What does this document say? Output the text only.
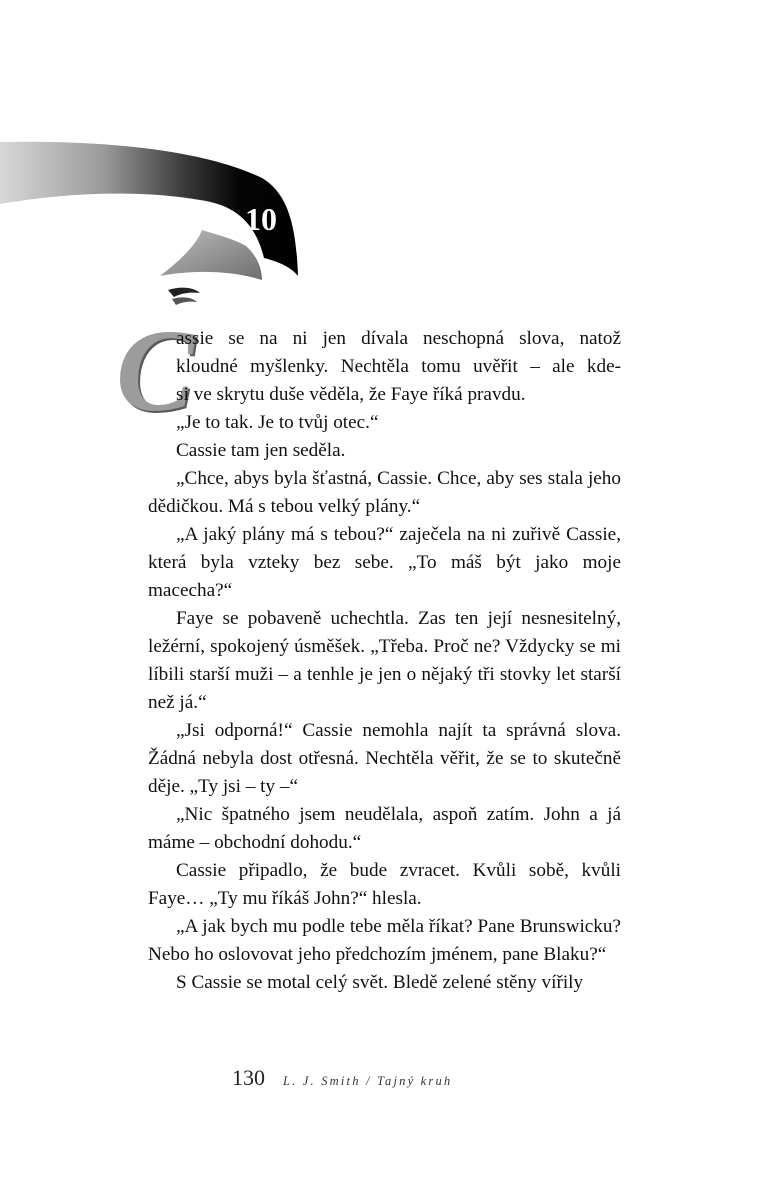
10
C

assie se na ni jen dívala neschopná slova, natož
kloudné myšlenky. Nechtěla tomu uvěřit – ale kde-
si ve skrytu duše věděla, že Faye říká pravdu.

„Je to tak. Je to tvůj otec.“

Cassie tam jen seděla.

„Chce, abys byla šťastná, Cassie. Chce, aby ses stala jeho dědičkou. Má s tebou velký plány.“

„A jaký plány má s tebou?“ zaječela na ni zuřivě Cassie, která byla vzteky bez sebe. „To máš být jako moje macecha?“

Faye se pobaveně uchechtla. Zas ten její nesnesitelný, ležérní, spokojený úsměšek. „Třeba. Proč ne? Vždycky se mi líbili starší muži – a tenhle je jen o nějaký tři stovky let starší než já.“

„Jsi odporná!“ Cassie nemohla najít ta správná slova. Žádná nebyla dost otřesná. Nechtěla věřit, že se to skutečně děje. „Ty jsi – ty –“

„Nic špatného jsem neudělala, aspoň zatím. John a já máme – obchodní dohodu.“

Cassie připadlo, že bude zvracet. Kvůli sobě, kvůli Faye… „Ty mu říkáš John?“ hlesla.

„A jak bych mu podle tebe měla říkat? Pane Brunswicku? Nebo ho oslovovat jeho předchozím jménem, pane Blaku?“

S Cassie se motal celý svět. Bledě zelené stěny vířily

130 L. J. Smith / Tajný kruh
